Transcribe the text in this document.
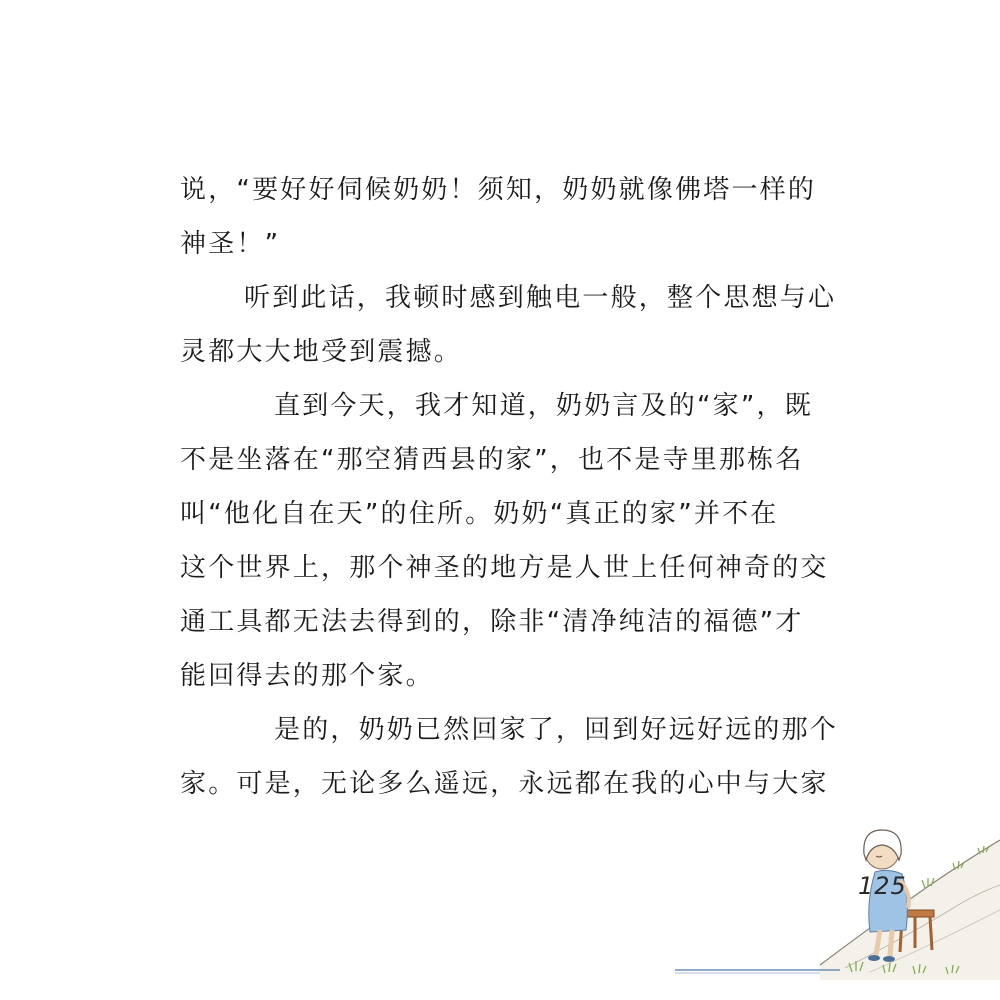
说，“要好好伺候奶奶！须知，奶奶就像佛塔一样的
神圣！”
听到此话，我顿时感到触电一般，整个思想与心
灵都大大地受到震撼。
直到今天，我才知道，奶奶言及的“家”，既
不是坐落在“那空猜西县的家”，也不是寺里那栋名
叫“他化自在天”的住所。奶奶“真正的家”并不在
这个世界上，那个神圣的地方是人世上任何神奇的交
通工具都无法去得到的，除非“清净纯洁的福德”才
能回得去的那个家。
是的，奶奶已然回家了，回到好远好远的那个
家。可是，无论多么遥远，永远都在我的心中与大家
125
